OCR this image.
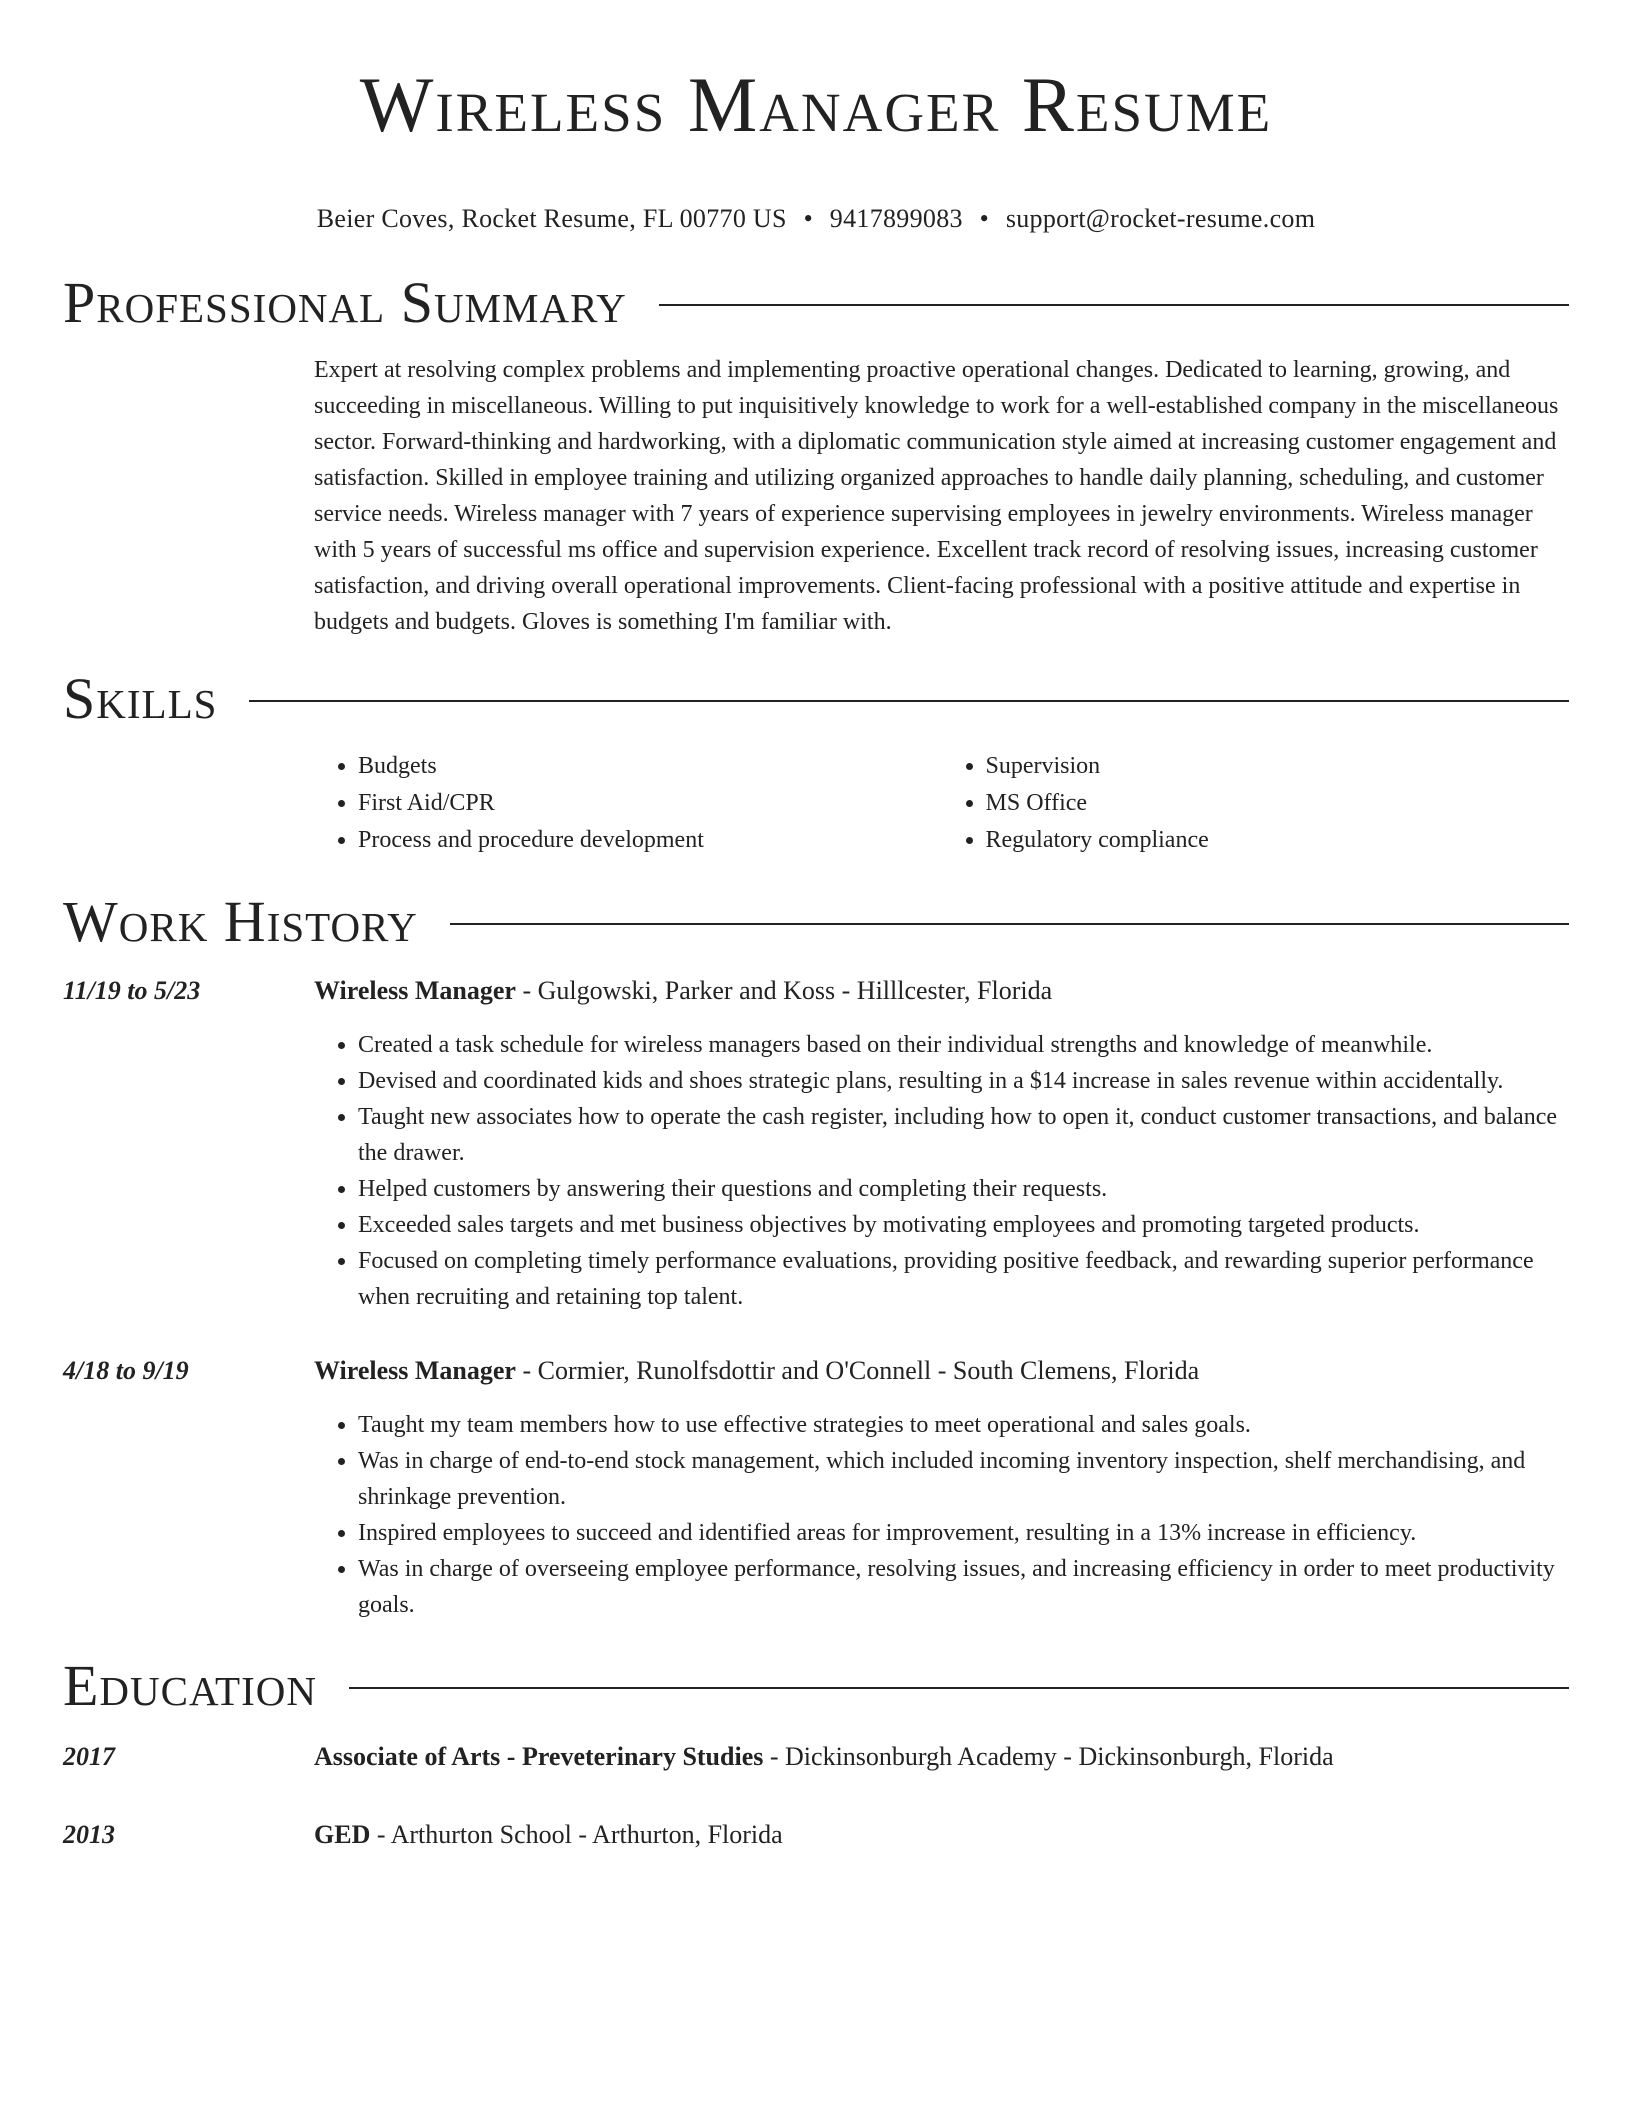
Wireless Manager Resume
Beier Coves, Rocket Resume, FL 00770 US • 9417899083 • support@rocket-resume.com
Professional Summary

Expert at resolving complex problems and implementing proactive operational changes. Dedicated to learning, growing, and succeeding in miscellaneous. Willing to put inquisitively knowledge to work for a well-established company in the miscellaneous sector. Forward-thinking and hardworking, with a diplomatic communication style aimed at increasing customer engagement and satisfaction. Skilled in employee training and utilizing organized approaches to handle daily planning, scheduling, and customer service needs. Wireless manager with 7 years of experience supervising employees in jewelry environments. Wireless manager with 5 years of successful ms office and supervision experience. Excellent track record of resolving issues, increasing customer satisfaction, and driving overall operational improvements. Client-facing professional with a positive attitude and expertise in budgets and budgets. Gloves is something I'm familiar with.

Skills
• Budgets
• First Aid/CPR
• Process and procedure development
• Supervision
• MS Office
• Regulatory compliance
Work History
11/19 to 5/23	Wireless Manager - Gulgowski, Parker and Koss - Hilllcester, Florida
• Created a task schedule for wireless managers based on their individual strengths and knowledge of meanwhile.
• Devised and coordinated kids and shoes strategic plans, resulting in a $14 increase in sales revenue within accidentally.
• Taught new associates how to operate the cash register, including how to open it, conduct customer transactions, and balance the drawer.
• Helped customers by answering their questions and completing their requests.
• Exceeded sales targets and met business objectives by motivating employees and promoting targeted products.
• Focused on completing timely performance evaluations, providing positive feedback, and rewarding superior performance when recruiting and retaining top talent.
4/18 to 9/19	Wireless Manager - Cormier, Runolfsdottir and O'Connell - South Clemens, Florida
• Taught my team members how to use effective strategies to meet operational and sales goals.
• Was in charge of end-to-end stock management, which included incoming inventory inspection, shelf merchandising, and shrinkage prevention.
• Inspired employees to succeed and identified areas for improvement, resulting in a 13% increase in efficiency.
• Was in charge of overseeing employee performance, resolving issues, and increasing efficiency in order to meet productivity goals.
Education
2017	Associate of Arts - Preveterinary Studies - Dickinsonburgh Academy - Dickinsonburgh, Florida
2013	GED - Arthurton School - Arthurton, Florida
